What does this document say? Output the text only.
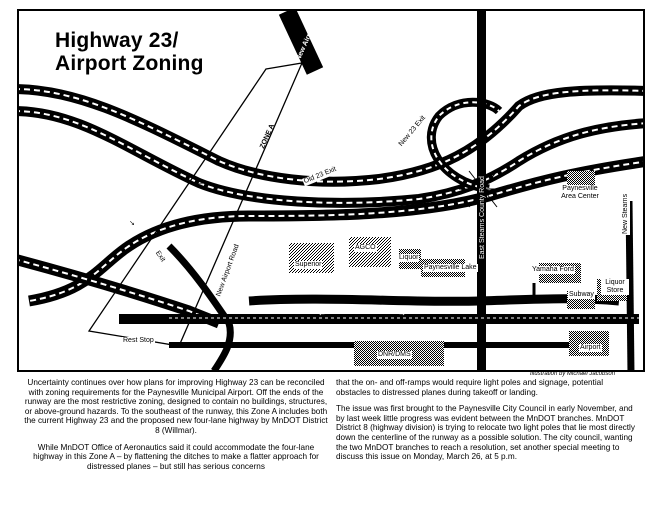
←
→
↘
←	→
Highway 23/
Airport Zoning
New Airport
ZONE A
Old 23 Exit
New 23 Exit
New Airport Road
Exit	East Stearns County Road	Paynesville Area Center	New Stearns
Superior
AGCO
Liquor
Paynesville Lake	Yamaha Ford
Liquor Store
Subway
Rest Stop
Airport
DNR/DMS
Illustration by Michael Jacobson

Uncertainty continues over how plans for improving Highway 23 can be reconciled with zoning requirements for the Paynesville Municipal Airport. Off the ends of the runway are the most restrictive zoning, designed to contain no buildings, structures, or above-ground hazards. To the southeast of the runway, this Zone A includes both the current Highway 23 and the proposed new four-lane highway by MnDOT District 8 (Willmar).

While MnDOT Office of Aeronautics said it could accommodate the four-lane highway in this Zone A – by flattening the ditches to make a flatter approach for distressed planes – but still has serious concerns

that the on- and off-ramps would require light poles and signage, potential obstacles to distressed planes during takeoff or landing.

The issue was first brought to the Paynesville City Council in early November, and by last week little progress was evident between the MnDOT branches. MnDOT District 8 (highway division) is trying to relocate two light poles that lie most directly down the centerline of the runway as a possible solution. The city council, wanting the two MnDOT branches to reach a resolution, set another special meeting to discuss this issue on Monday, March 26, at 5 p.m.
